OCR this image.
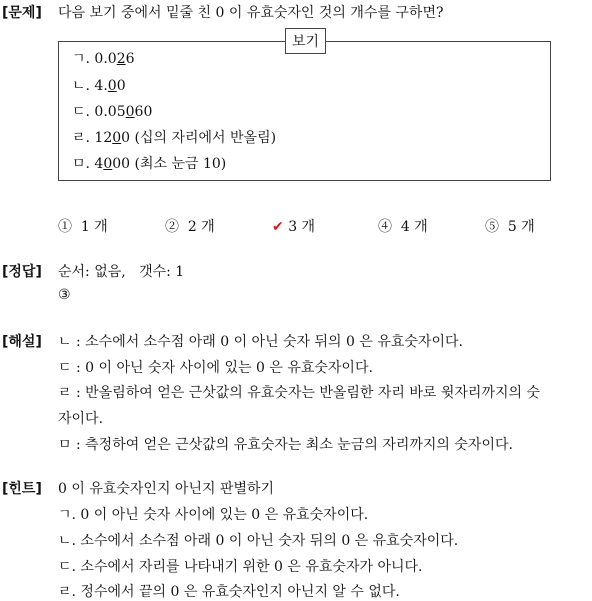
[문제] 다음 보기 중에서 밑줄 친 0 이 유효숫자인 것의 개수를 구하면?
보기
ㄱ. 0.026
ㄴ. 4.00
ㄷ. 0.05060
ㄹ. 1200 (십의 자리에서 반올림)
ㅁ. 4000 (최소 눈금 10)
① 1 개	② 2 개	✔ 3 개	④ 4 개	⑤ 5 개
[정답] 순서: 없음,   갯수: 1
③
[해설] ㄴ : 소수에서 소수점 아래 0 이 아닌 숫자 뒤의 0 은 유효숫자이다.
ㄷ : 0 이 아닌 숫자 사이에 있는 0 은 유효숫자이다.
ㄹ : 반올림하여 얻은 근삿값의 유효숫자는 반올림한 자리 바로 윗자리까지의 숫
자이다.
ㅁ : 측정하여 얻은 근삿값의 유효숫자는 최소 눈금의 자리까지의 숫자이다.
[힌트] 0 이 유효숫자인지 아닌지 판별하기
ㄱ. 0 이 아닌 숫자 사이에 있는 0 은 유효숫자이다.
ㄴ. 소수에서 소수점 아래 0 이 아닌 숫자 뒤의 0 은 유효숫자이다.
ㄷ. 소수에서 자리를 나타내기 위한 0 은 유효숫자가 아니다.
ㄹ. 정수에서 끝의 0 은 유효숫자인지 아닌지 알 수 없다.
